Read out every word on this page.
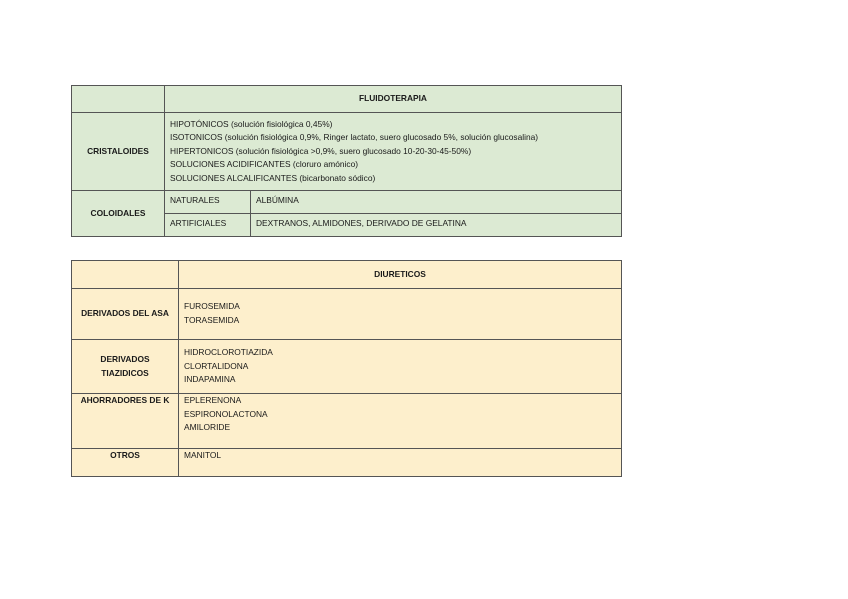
	FLUIDOTERAPIA	
CRISTALOIDES	HIPOTÓNICOS (solución fisiológica 0,45%)
ISOTONICOS (solución fisiológica 0,9%, Ringer lactato, suero glucosado 5%, solución glucosalina)
HIPERTONICOS (solución fisiológica >0,9%, suero glucosado 10-20-30-45-50%)
SOLUCIONES ACIDIFICANTES (cloruro amónico)
SOLUCIONES ALCALIFICANTES (bicarbonato sódico)	

COLOIDALES	NATURALES	ALBÚMINA
	ARTIFICIALES	DEXTRANOS, ALMIDONES, DERIVADO DE GELATINA
	DIURETICOS
DERIVADOS DEL ASA	FUROSEMIDA
TORASEMIDA

DERIVADOS TIAZIDICOS	HIDROCLOROTIAZIDA
CLORTALIDONA
INDAPAMINA

AHORRADORES DE K	EPLERENONA
ESPIRONOLACTONA
AMILORIDE

OTROS	MANITOL
